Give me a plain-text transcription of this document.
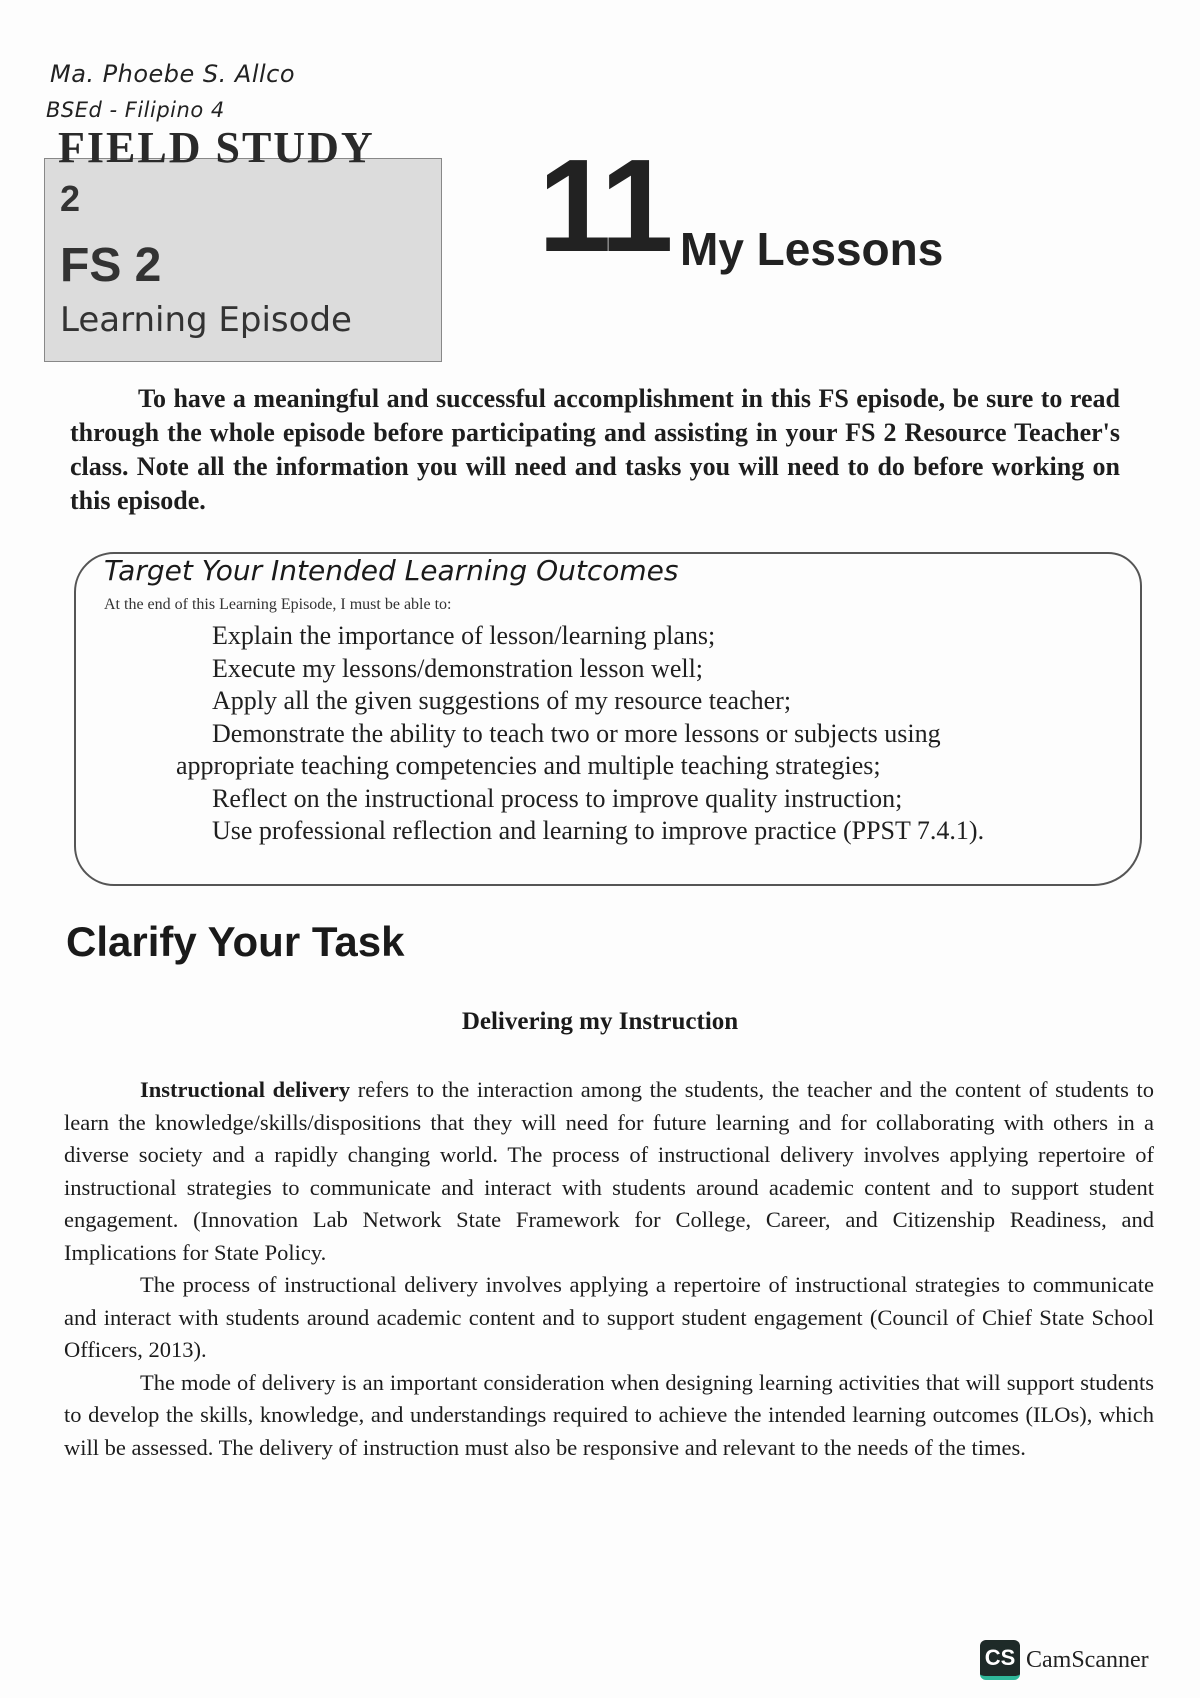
Ma. Phoebe S. Allco
BSEd - Filipino 4
FIELD STUDY
2
FS 2
Learning Episode
11 My Lessons

To have a meaningful and successful accomplishment in this FS episode, be sure to read through the whole episode before participating and assisting in your FS 2 Resource Teacher's class. Note all the information you will need and tasks you will need to do before working on this episode.

Target Your Intended Learning Outcomes
At the end of this Learning Episode, I must be able to:
Explain the importance of lesson/learning plans;
Execute my lessons/demonstration lesson well;
Apply all the given suggestions of my resource teacher;
Demonstrate the ability to teach two or more lessons or subjects using
appropriate teaching competencies and multiple teaching strategies;
Reflect on the instructional process to improve quality instruction;
Use professional reflection and learning to improve practice (PPST 7.4.1).
Clarify Your Task
Delivering my Instruction

Instructional delivery refers to the interaction among the students, the teacher and the content of students to learn the knowledge/skills/dispositions that they will need for future learning and for collaborating with others in a diverse society and a rapidly changing world. The process of instructional delivery involves applying repertoire of instructional strategies to communicate and interact with students around academic content and to support student engagement. (Innovation Lab Network State Framework for College, Career, and Citizenship Readiness, and Implications for State Policy.

The process of instructional delivery involves applying a repertoire of instructional strategies to communicate and interact with students around academic content and to support student engagement (Council of Chief State School Officers, 2013).

The mode of delivery is an important consideration when designing learning activities that will support students to develop the skills, knowledge, and understandings required to achieve the intended learning outcomes (ILOs), which will be assessed. The delivery of instruction must also be responsive and relevant to the needs of the times.

CS CamScanner
